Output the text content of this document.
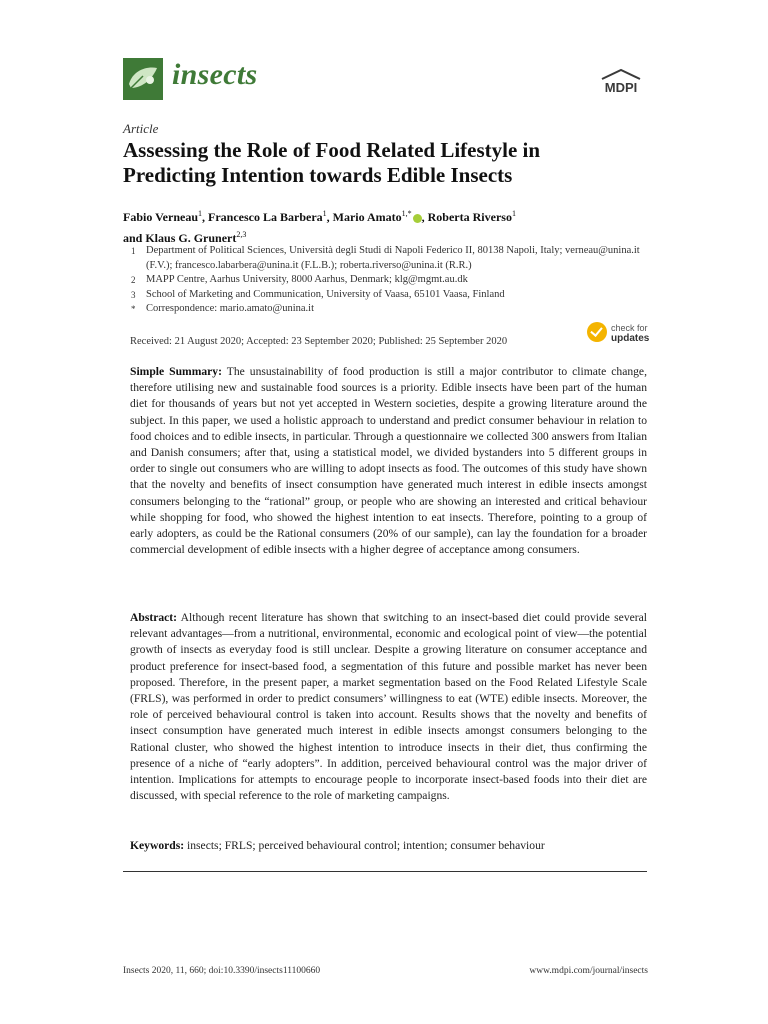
insects	MDPI
Article
Assessing the Role of Food Related Lifestyle in Predicting Intention towards Edible Insects
Fabio Verneau$^1$, Francesco La Barbera$^1$, Mario Amato$^{1,*}$ , Roberta Riverso$^1$
and Klaus G. Grunert$^{2,3}$
1 Department of Political Sciences, Università degli Studi di Napoli Federico II, 80138 Napoli, Italy; verneau@unina.it (F.V.); francesco.labarbera@unina.it (F.L.B.); roberta.riverso@unina.it (R.R.)
2 MAPP Centre, Aarhus University, 8000 Aarhus, Denmark; klg@mgmt.au.dk
3 School of Marketing and Communication, University of Vaasa, 65101 Vaasa, Finland
* Correspondence: mario.amato@unina.it
Received: 21 August 2020; Accepted: 23 September 2020; Published: 25 September 2020
check for
updates
Simple Summary: The unsustainability of food production is still a major contributor to climate change, therefore utilising new and sustainable food sources is a priority. Edible insects have been part of the human diet for thousands of years but not yet accepted in Western societies, despite a growing literature around the subject. In this paper, we used a holistic approach to understand and predict consumer behaviour in relation to food choices and to edible insects, in particular. Through a questionnaire we collected 300 answers from Italian and Danish consumers; after that, using a statistical model, we divided bystanders into 5 different groups in order to single out consumers who are willing to adopt insects as food. The outcomes of this study have shown that the novelty and benefits of insect consumption have generated much interest in edible insects amongst consumers belonging to the “rational” group, or people who are showing an interested and critical behaviour while shopping for food, who showed the highest intention to eat insects. Therefore, pointing to a group of early adopters, as could be the Rational consumers (20% of our sample), can lay the foundation for a broader commercial development of edible insects with a higher degree of acceptance among consumers.
Abstract: Although recent literature has shown that switching to an insect-based diet could provide several relevant advantages—from a nutritional, environmental, economic and ecological point of view—the potential growth of insects as everyday food is still unclear. Despite a growing literature on consumer acceptance and product preference for insect-based food, a segmentation of this future and possible market has never been proposed. Therefore, in the present paper, a market segmentation based on the Food Related Lifestyle Scale (FRLS), was performed in order to predict consumers’ willingness to eat (WTE) edible insects. Moreover, the role of perceived behavioural control is taken into account. Results shows that the novelty and benefits of insect consumption have generated much interest in edible insects amongst consumers belonging to the Rational cluster, who showed the highest intention to introduce insects in their diet, thus confirming the presence of a niche of “early adopters”. In addition, perceived behavioural control was the major driver of intention. Implications for attempts to encourage people to incorporate insect-based foods into their diet are discussed, with special reference to the role of marketing campaigns.
Keywords: insects; FRLS; perceived behavioural control; intention; consumer behaviour
Insects 2020, 11, 660; doi:10.3390/insects11100660	www.mdpi.com/journal/insects
